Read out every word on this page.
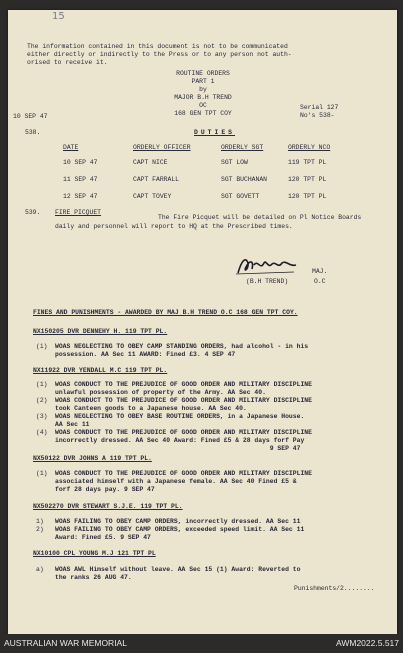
15
The information contained in this document is not to be communicated
either directly or indirectly to the Press or to any person not auth-
orised to receive it.
ROUTINE ORDERS
PART 1
by
MAJOR B.H TREND
OC
168 GEN TPT COY
10 SEP 47
Serial 127
No's 538-
538.	DUTIES
DATE	ORDERLY OFFICER	ORDERLY SGT	ORDERLY NCO
10 SEP 47	CAPT NICE	SGT LOW	119 TPT PL
11 SEP 47	CAPT FARRALL	SGT BUCHANAN	120 TPT PL
12 SEP 47	CAPT TOVEY	SGT GOVETT	120 TPT PL
539. FIRE PICQUET
The Fire Picquet will be detailed on Pl Notice Boards
daily and personnel will report to HQ at the Prescribed times.
MAJ.
(B.H TREND)	O.C
FINES AND PUNISHMENTS - AWARDED BY MAJ B.H TREND O.C 168 GEN TPT COY.
NX150205 DVR DENNEHY H. 119 TPT PL.
(i) WOAS NEGLECTING TO OBEY CAMP STANDING ORDERS, had alcohol - in his
possession. AA Sec 11 AWARD: Fined £3. 4 SEP 47
NX11922 DVR YENDALL M.C 119 TPT PL.
(1) WOAS CONDUCT TO THE PREJUDICE OF GOOD ORDER AND MILITARY DISCIPLINE
unlawful possession of property of the Army. AA Sec 40.
(2) WOAS CONDUCT TO THE PREJUDICE OF GOOD ORDER AND MILITARY DISCIPLINE
took Canteen goods to a Japanese house. AA Sec 40.
(3) WOAS NEGLECTING TO OBEY BASE ROUTINE ORDERS, in a Japanese House.
AA Sec 11
(4) WOAS CONDUCT TO THE PREJUDICE OF GOOD ORDER AND MILITARY DISCIPLINE
incorrectly dressed. AA Sec 40 Award: Fined £5 & 28 days forf Pay
9 SEP 47
NX50122 DVR JOHNS A 119 TPT PL.
(1) WOAS CONDUCT TO THE PREJUDICE OF GOOD ORDER AND MILITARY DISCIPLINE
associated himself with a Japanese female. AA Sec 40 Fined £5 &
forf 28 days pay. 9 SEP 47
NX502270 DVR STEWART S.J.E. 119 TPT PL.
1) WOAS FAILING TO OBEY CAMP ORDERS, incorrectly dressed. AA Sec 11
2) WOAS FAILING TO OBEY CAMP ORDERS, exceeded speed limit. AA Sec 11
Award: Fined £5. 9 SEP 47
NX10100 CPL YOUNG M.J 121 TPT PL
a) WOAS AWL Himself without leave. AA Sec 15 (1) Award: Reverted to
the ranks 26 AUG 47.
Punishments/2........
AUSTRALIAN WAR MEMORIAL	AWM2022.5.517
